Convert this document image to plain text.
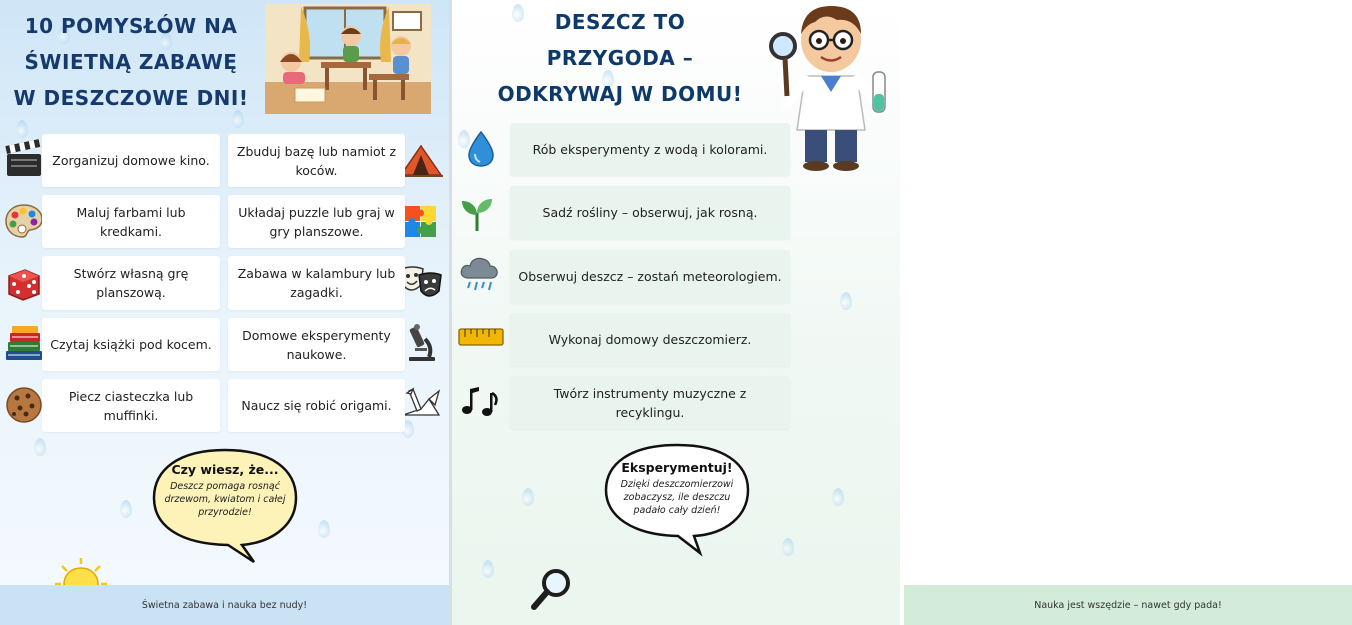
10 POMYSŁÓW NA
ŚWIETNĄ ZABAWĘ
W DESZCZOWE DNI!
Zorganizuj domowe kino.
Zbuduj bazę lub namiot z koców.
Maluj farbami lub kredkami.
Układaj puzzle lub graj w gry planszowe.
Stwórz własną grę planszową.
Zabawa w kalambury lub zagadki.
Czytaj książki pod kocem.
Domowe eksperymenty naukowe.
Piecz ciasteczka lub muffinki.
Naucz się robić origami.
Czy wiesz, że...
Deszcz pomaga rosnąć drzewom, kwiatom i całej przyrodzie!
Świetna zabawa i nauka bez nudy!
DESZCZ TO
PRZYGODA –
ODKRYWAJ W DOMU!
Rób eksperymenty z wodą i kolorami.
Sadź rośliny – obserwuj, jak rosną.
Obserwuj deszcz – zostań meteorologiem.
Wykonaj domowy deszczomierz.
Twórz instrumenty muzyczne z recyklingu.
Eksperymentuj!
Dzięki deszczomierzowi zobaczysz, ile deszczu padało cały dzień!
Nauka jest wszędzie – nawet gdy pada!
